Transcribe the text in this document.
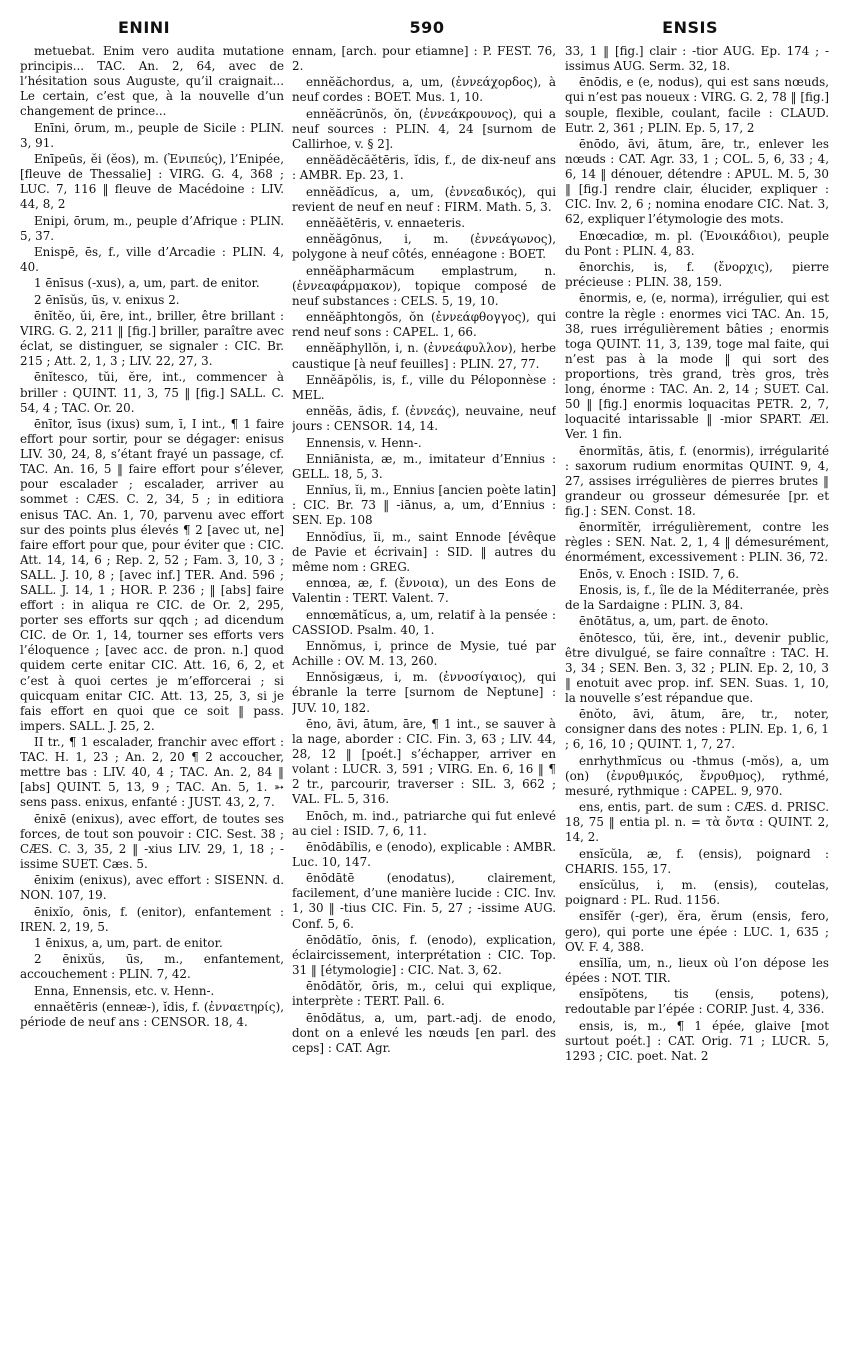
ENINI	590	ENSIS

metuebat. Enim vero audita mutatione principis... TAC. An. 2, 64, avec de l’hésitation sous Auguste, qu’il craignait... Le certain, c’est que, à la nouvelle d’un changement de prince...

Enīni, ōrum, m., peuple de Sicile : PLIN. 3, 91.

Enīpeūs, ĕi (ĕos), m. (Ἐνιπεύς), l’Enipée, [fleuve de Thessalie] : VIRG. G. 4, 368 ; LUC. 7, 116 ‖ fleuve de Macédoine : LIV. 44, 8, 2

Enipi, ōrum, m., peuple d’Afrique : PLIN. 5, 37.

Enispē, ēs, f., ville d’Arcadie : PLIN. 4, 40.

1 ēnīsus (-xus), a, um, part. de enitor.

2 ēnīsŭs, ūs, v. enixus 2.

ēnĭtĕo, ŭi, ēre, int., briller, être brillant : VIRG. G. 2, 211 ‖ [fig.] briller, paraître avec éclat, se distinguer, se signaler : CIC. Br. 215 ; Att. 2, 1, 3 ; LIV. 22, 27, 3.

ēnĭtesco, tŭi, ĕre, int., commencer à briller : QUINT. 11, 3, 75 ‖ [fig.] SALL. C. 54, 4 ; TAC. Or. 20.

ēnītor, īsus (ixus) sum, ī, I int., ¶ 1 faire effort pour sortir, pour se dégager: enisus LIV. 30, 24, 8, s’étant frayé un passage, cf. TAC. An. 16, 5 ‖ faire effort pour s’élever, pour escalader ; escalader, arriver au sommet : CÆS. C. 2, 34, 5 ; in editiora enisus TAC. An. 1, 70, parvenu avec effort sur des points plus élevés ¶ 2 [avec ut, ne] faire effort pour que, pour éviter que : CIC. Att. 14, 14, 6 ; Rep. 2, 52 ; Fam. 3, 10, 3 ; SALL. J. 10, 8 ; [avec inf.] TER. And. 596 ; SALL. J. 14, 1 ; HOR. P. 236 ; ‖ [abs] faire effort : in aliqua re CIC. de Or. 2, 295, porter ses efforts sur qqch ; ad dicendum CIC. de Or. 1, 14, tourner ses efforts vers l’éloquence ; [avec acc. de pron. n.] quod quidem certe enitar CIC. Att. 16, 6, 2, et c’est à quoi certes je m’efforcerai ; si quicquam enitar CIC. Att. 13, 25, 3, si je fais effort en quoi que ce soit ‖ pass. impers. SALL. J. 25, 2.

II tr., ¶ 1 escalader, franchir avec effort : TAC. H. 1, 23 ; An. 2, 20 ¶ 2 accoucher, mettre bas : LIV. 40, 4 ; TAC. An. 2, 84 ‖ [abs] QUINT. 5, 13, 9 ; TAC. An. 5, 1. ➳ sens pass. enixus, enfanté : JUST. 43, 2, 7.

ēnixē (enixus), avec effort, de toutes ses forces, de tout son pouvoir : CIC. Sest. 38 ; CÆS. C. 3, 35, 2 ‖ -xius LIV. 29, 1, 18 ; -issime SUET. Cæs. 5.

ēnixim (enixus), avec effort : SISENN. d. NON. 107, 19.

ēnixĭo, ōnis, f. (enitor), enfantement : IREN. 2, 19, 5.

1 ēnixus, a, um, part. de enitor.

2 ēnixŭs, ūs, m., enfantement, accouchement : PLIN. 7, 42.

Enna, Ennensis, etc. v. Henn-.

ennaĕtēris (enneæ-), ĭdis, f. (ἐνναετηρίς), période de neuf ans : CENSOR. 18, 4.

ennam, [arch. pour etiamne] : P. FEST. 76, 2.

ennĕăchordus, a, um, (ἐννεάχορδος), à neuf cordes : BOET. Mus. 1, 10.

ennĕăcrūnŏs, ŏn, (ἐννεάκρουνος), qui a neuf sources : PLIN. 4, 24 [surnom de Callirhoe, v. § 2].

ennĕădĕcăĕtēris, ĭdis, f., de dix-neuf ans : AMBR. Ep. 23, 1.

ennĕădĭcus, a, um, (ἐννεαδικός), qui revient de neuf en neuf : FIRM. Math. 5, 3.

ennĕăĕtēris, v. ennaeteris.

ennĕăgōnus, i, m. (ἐννεάγωνος), polygone à neuf côtés, ennéagone : BOET.

ennĕăpharmăcum emplastrum, n. (ἐννεαφάρμακον), topique composé de neuf substances : CELS. 5, 19, 10.

ennĕăphtongŏs, ŏn (ἐννεάφθογγος), qui rend neuf sons : CAPEL. 1, 66.

ennĕăphyllŏn, i, n. (ἐννεάφυλλον), herbe caustique [à neuf feuilles] : PLIN. 27, 77.

Ennĕăpŏlis, is, f., ville du Péloponnèse : MEL.

ennĕās, ădis, f. (ἐννεάς), neuvaine, neuf jours : CENSOR. 14, 14.

Ennensis, v. Henn-.

Enniānista, æ, m., imitateur d’Ennius : GELL. 18, 5, 3.

Ennĭus, ĭi, m., Ennius [ancien poète latin] : CIC. Br. 73 ‖ -iānus, a, um, d’Ennius : SEN. Ep. 108

Ennŏdĭus, ĭi, m., saint Ennode [évêque de Pavie et écrivain] : SID. ‖ autres du même nom : GREG.

ennœa, æ, f. (ἔννοια), un des Eons de Valentin : TERT. Valent. 7.

ennœmătĭcus, a, um, relatif à la pensée : CASSIOD. Psalm. 40, 1.

Ennŏmus, i, prince de Mysie, tué par Achille : OV. M. 13, 260.

Ennŏsigæus, i, m. (ἐννοσίγαιος), qui ébranle la terre [surnom de Neptune] : JUV. 10, 182.

ēno, āvi, ātum, āre, ¶ 1 int., se sauver à la nage, aborder : CIC. Fin. 3, 63 ; LIV. 44, 28, 12 ‖ [poét.] s’échapper, arriver en volant : LUCR. 3, 591 ; VIRG. En. 6, 16 ‖ ¶ 2 tr., parcourir, traverser : SIL. 3, 662 ; VAL. FL. 5, 316.

Enōch, m. ind., patriarche qui fut enlevé au ciel : ISID. 7, 6, 11.

ēnōdābĭlis, e (enodo), explicable : AMBR. Luc. 10, 147.

ēnōdātē (enodatus), clairement, facilement, d’une manière lucide : CIC. Inv. 1, 30 ‖ -tius CIC. Fin. 5, 27 ; -issime AUG. Conf. 5, 6.

ēnōdātĭo, ōnis, f. (enodo), explication, éclaircissement, interprétation : CIC. Top. 31 ‖ [étymologie] : CIC. Nat. 3, 62.

ēnōdātŏr, ōris, m., celui qui explique, interprète : TERT. Pall. 6.

ēnōdătus, a, um, part.-adj. de enodo, dont on a enlevé les nœuds [en parl. des ceps] : CAT. Agr.

33, 1 ‖ [fig.] clair : -tior AUG. Ep. 174 ; -issimus AUG. Serm. 32, 18.

ēnōdis, e (e, nodus), qui est sans nœuds, qui n’est pas noueux : VIRG. G. 2, 78 ‖ [fig.] souple, flexible, coulant, facile : CLAUD. Eutr. 2, 361 ; PLIN. Ep. 5, 17, 2

ēnōdo, āvi, ātum, āre, tr., enlever les nœuds : CAT. Agr. 33, 1 ; COL. 5, 6, 33 ; 4, 6, 14 ‖ dénouer, détendre : APUL. M. 5, 30 ‖ [fig.] rendre clair, élucider, expliquer : CIC. Inv. 2, 6 ; nomina enodare CIC. Nat. 3, 62, expliquer l’étymologie des mots.

Enœcadiœ, m. pl. (Ἐνοικάδιοι), peuple du Pont : PLIN. 4, 83.

ēnorchis, is, f. (ἔνορχις), pierre précieuse : PLIN. 38, 159.

ēnormis, e, (e, norma), irrégulier, qui est contre la règle : enormes vici TAC. An. 15, 38, rues irrégulièrement bâties ; enormis toga QUINT. 11, 3, 139, toge mal faite, qui n’est pas à la mode ‖ qui sort des proportions, très grand, très gros, très long, énorme : TAC. An. 2, 14 ; SUET. Cal. 50 ‖ [fig.] enormis loquacitas PETR. 2, 7, loquacité intarissable ‖ -mior SPART. Æl. Ver. 1 fin.

ēnormĭtās, ātis, f. (enormis), irrégularité : saxorum rudium enormitas QUINT. 9, 4, 27, assises irrégulières de pierres brutes ‖ grandeur ou grosseur démesurée [pr. et fig.] : SEN. Const. 18.

ēnormĭtĕr, irrégulièrement, contre les règles : SEN. Nat. 2, 1, 4 ‖ démesurément, énormément, excessivement : PLIN. 36, 72.

Enōs, v. Enoch : ISID. 7, 6.

Enosis, is, f., île de la Méditerranée, près de la Sardaigne : PLIN. 3, 84.

ēnōtātus, a, um, part. de ēnoto.

ēnōtesco, tŭi, ĕre, int., devenir public, être divulgué, se faire connaître : TAC. H. 3, 34 ; SEN. Ben. 3, 32 ; PLIN. Ep. 2, 10, 3 ‖ enotuit avec prop. inf. SEN. Suas. 1, 10, la nouvelle s’est répandue que.

ēnŏto, āvi, ātum, āre, tr., noter, consigner dans des notes : PLIN. Ep. 1, 6, 1 ; 6, 16, 10 ; QUINT. 1, 7, 27.

enrhythmĭcus ou -thmus (-mŏs), a, um (on) (ἐνρυθμικός, ἔνρυθμος), rythmé, mesuré, rythmique : CAPEL. 9, 970.

ens, entis, part. de sum : CÆS. d. PRISC. 18, 75 ‖ entia pl. n. = τὰ ὄντα : QUINT. 2, 14, 2.

ensĭcŭla, æ, f. (ensis), poignard : CHARIS. 155, 17.

ensĭcŭlus, i, m. (ensis), coutelas, poignard : PL. Rud. 1156.

ensĭfĕr (-ger), ĕra, ĕrum (ensis, fero, gero), qui porte une épée : LUC. 1, 635 ; OV. F. 4, 388.

ensĭlĭa, um, n., lieux où l’on dépose les épées : NOT. TIR.

ensĭpŏtens, tis (ensis, potens), redoutable par l’épée : CORIP. Just. 4, 336.

ensis, is, m., ¶ 1 épée, glaive [mot surtout poét.] : CAT. Orig. 71 ; LUCR. 5, 1293 ; CIC. poet. Nat. 2
